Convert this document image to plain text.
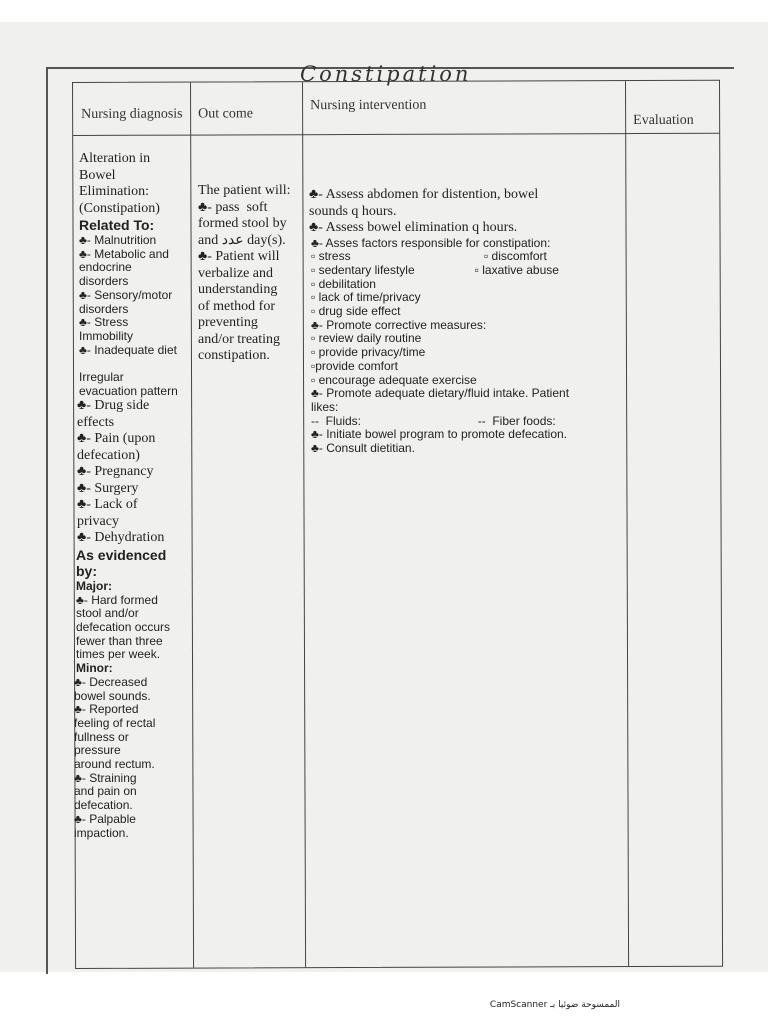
Constipation
Nursing diagnosis Out come
Nursing intervention
Evaluation
Alteration in
Bowel
Elimination:
(Constipation)
Related To:
♣- Malnutrition
♣- Metabolic and
endocrine
disorders
♣- Sensory/motor
disorders
♣- Stress
Immobility
♣- Inadequate diet

Irregular
evacuation pattern
♣- Drug side
effects
♣- Pain (upon
defecation)
♣- Pregnancy
♣- Surgery
♣- Lack of
privacy
♣- Dehydration
As evidenced
by:
Major:
♣- Hard formed
stool and/or
defecation occurs
fewer than three
times per week.
Minor:
♣- Decreased
bowel sounds.
♣- Reported
feeling of rectal
fullness or
pressure
around rectum.
♣- Straining
and pain on
defecation.
♣- Palpable
impaction.
The patient will:
♣- pass  soft
formed stool by
and عدد day(s).
♣- Patient will
verbalize and
understanding
of method for
preventing
and/or treating
constipation.
♣- Assess abdomen for distention, bowel
sounds q hours.
♣- Assess bowel elimination q hours.
♣- Asses factors responsible for constipation:
▫ stress                                        ▫ discomfort
▫ sedentary lifestyle                  ▫ laxative abuse
▫ debilitation
▫ lack of time/privacy
▫ drug side effect
♣- Promote corrective measures:
▫ review daily routine
▫ provide privacy/time
▫provide comfort
▫ encourage adequate exercise
♣- Promote adequate dietary/fluid intake. Patient
likes:
--  Fluids:                                   --  Fiber foods:
♣- Initiate bowel program to promote defecation.
♣- Consult dietitian.
CamScanner الممسوحة ضوئيا بـ
